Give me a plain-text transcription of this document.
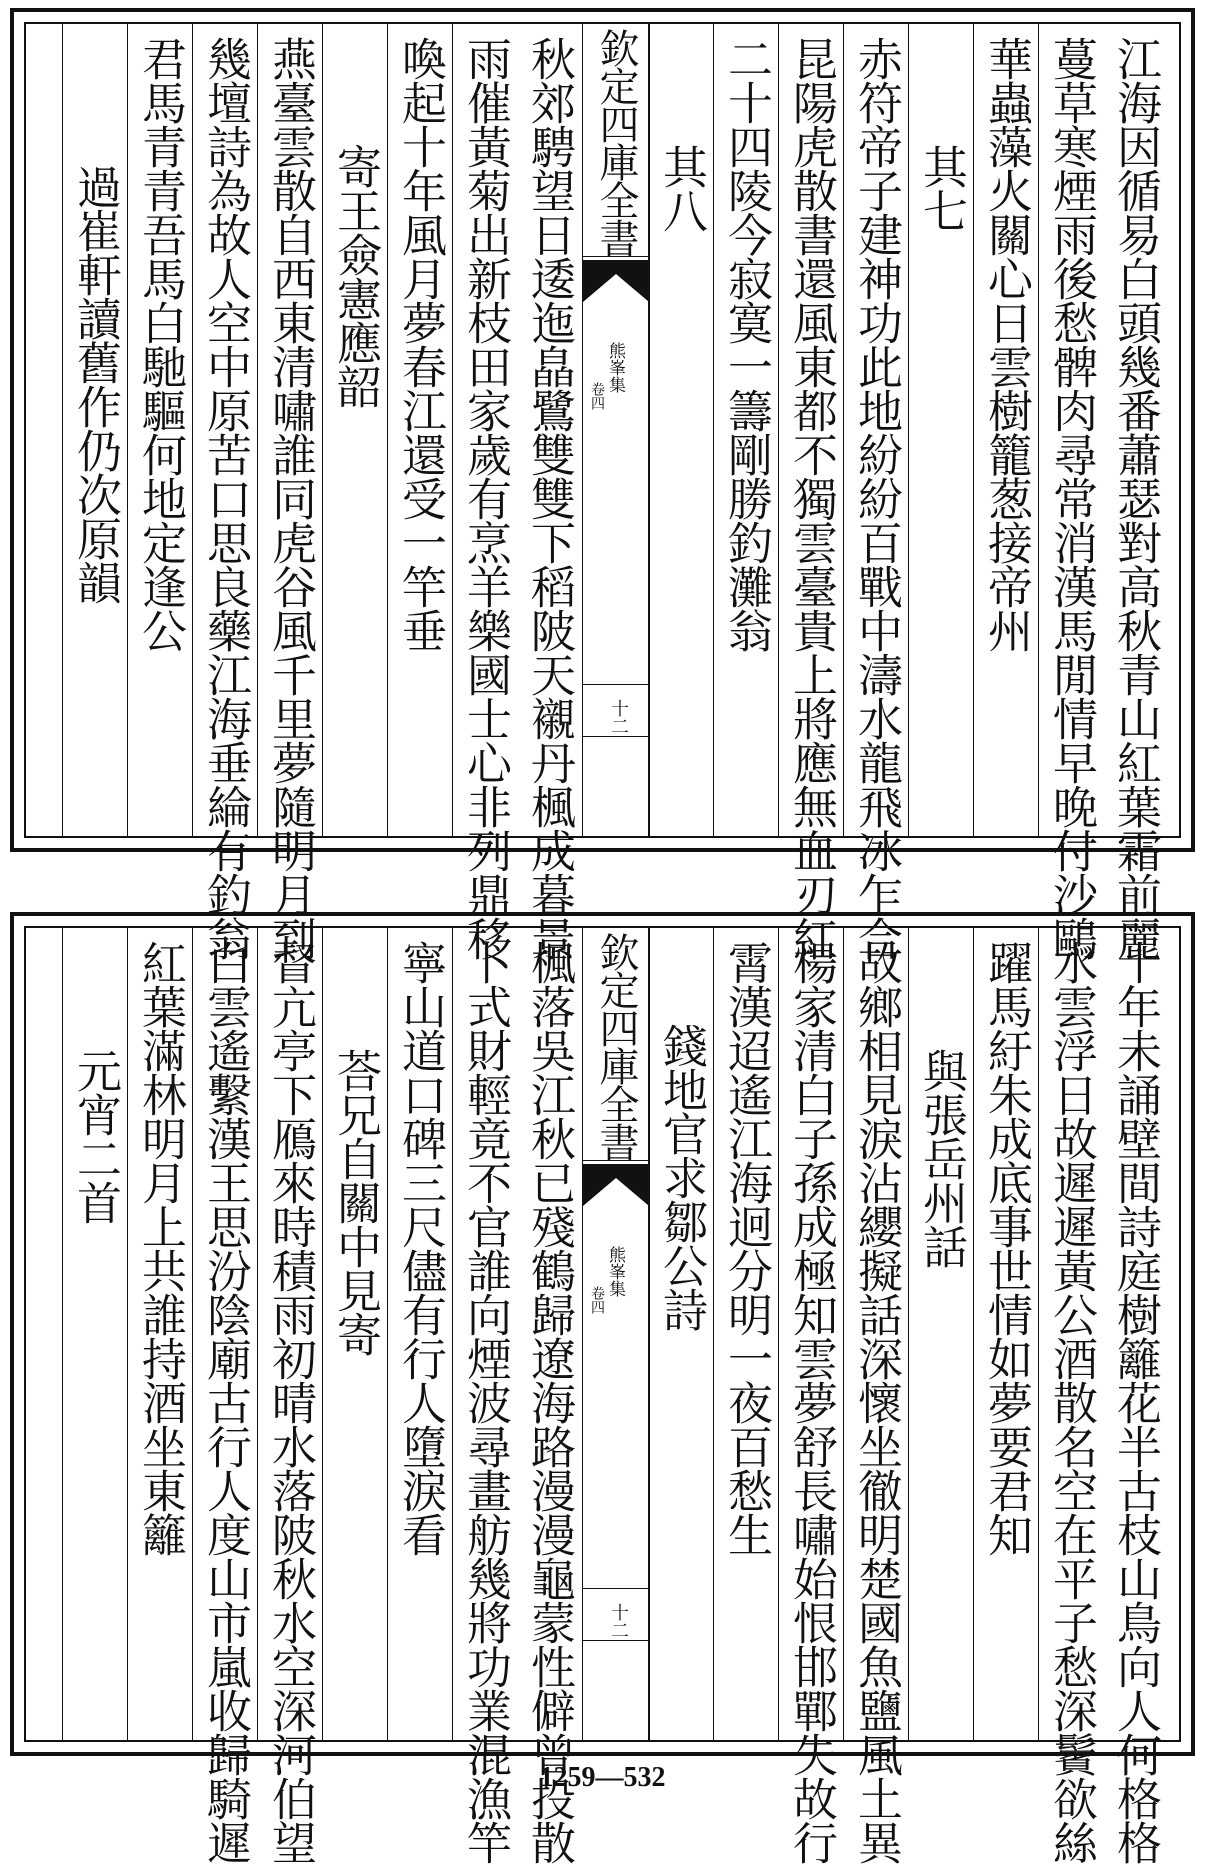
江海因循易白頭幾番蕭瑟對高秋青山紅葉霜前麗
蔓草寒煙雨後愁髀肉尋常消漢馬閒情早晚付沙鷗
華蟲藻火關心日雲樹籠葱接帝州
其七
赤符帝子建神功此地紛紛百戰中濤水龍飛冰乍合
昆陽虎散書還風東都不獨雲臺貴上將應無血刃紅
二十四陵今寂寞一籌剛勝釣灘翁
其八
欽定四庫全書
熊峯集
卷四
十二
秋郊騁望日逶迤皛鷺雙雙下稻陂天襯丹楓成暮景
雨催黃菊出新枝田家歲有烹羊樂國士心非列鼎移
喚起十年風月夢春江還受一竿垂
寄王僉憲應韶
燕臺雲散自西東清嘯誰同虎谷風千里夢隨明月到
幾壇詩為故人空中原苦口思良藥江海垂綸有釣翁
君馬青青吾馬白馳驅何地定逢公
過崔軒讀舊作仍次原韻
十年未誦壁間詩庭樹籬花半古枝山鳥向人何格格
水雲浮日故遲遲黃公酒散名空在平子愁深鬢欲絲
躍馬紆朱成底事世情如夢要君知
與張岳州話
故鄉相見淚沾纓擬話深懷坐徹明楚國魚鹽風土異
楊家清白子孫成極知雲夢舒長嘯始恨邯鄲失故行
霄漢迢遙江海迥分明一夜百愁生
錢地官求鄒公詩
欽定四庫全書
熊峯集
卷四
十二
楓落吳江秋已殘鶴歸遼海路漫漫龜蒙性僻曾投散
卜式財輕竟不官誰向煙波尋畫舫幾將功業混漁竿
寧山道口碑三尺儘有行人墮淚看
荅兄自關中見寄
督亢亭下鴈來時積雨初晴水落陂秋水空深河伯望
白雲遙繫漢王思汾陰廟古行人度山市嵐收歸騎遲
紅葉滿林明月上共誰持酒坐東籬
元宵二首
1259—532
